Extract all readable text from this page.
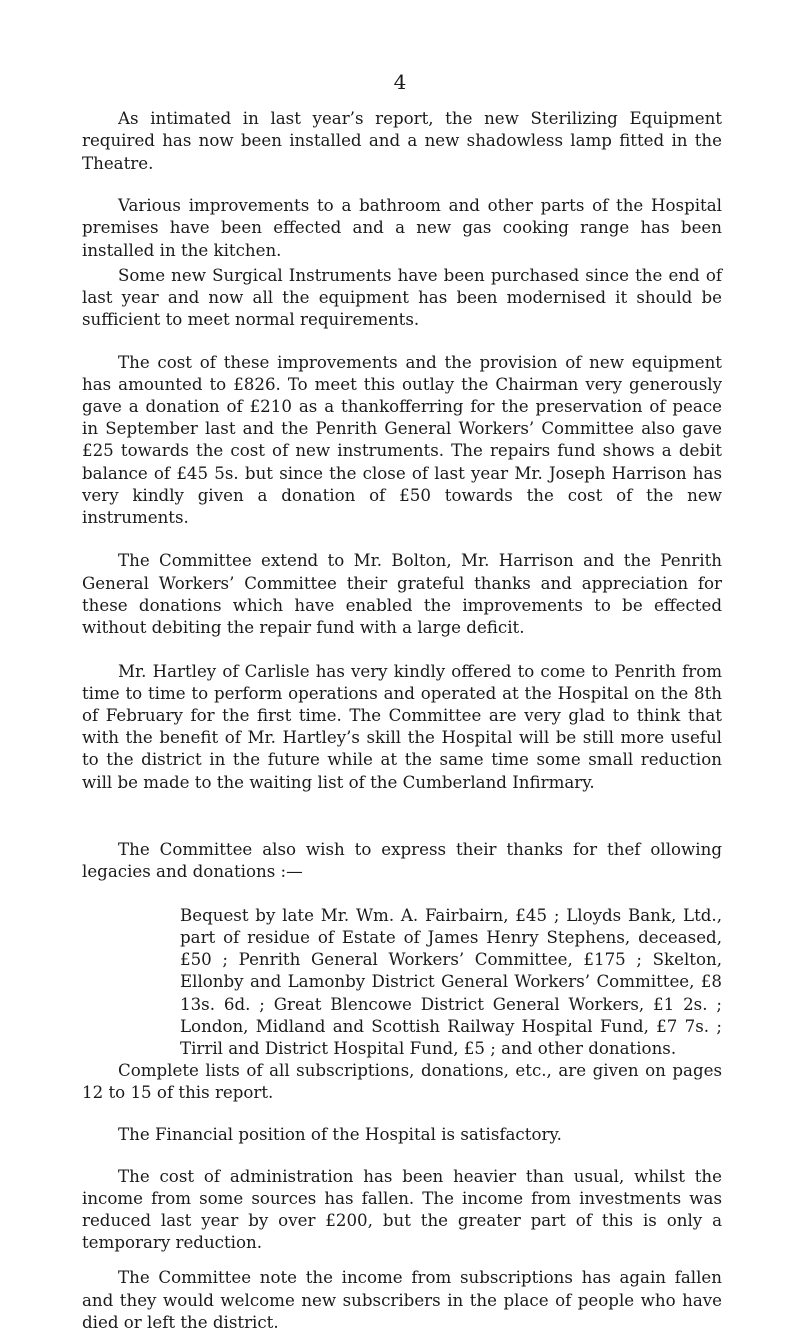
4

As intimated in last year’s report, the new Sterilizing Equipment required has now been installed and a new shadowless lamp fitted in the Theatre.

Various improvements to a bathroom and other parts of the Hospital premises have been effected and a new gas cooking range has been installed in the kitchen.

Some new Surgical Instruments have been purchased since the end of last year and now all the equipment has been modernised it should be sufficient to meet normal requirements.

The cost of these improvements and the provision of new equipment has amounted to £826. To meet this outlay the Chairman very generously gave a donation of £210 as a thankofferring for the preservation of peace in September last and the Penrith General Workers’ Committee also gave £25 towards the cost of new instruments. The repairs fund shows a debit balance of £45 5s. but since the close of last year Mr. Joseph Harrison has very kindly given a donation of £50 towards the cost of the new instruments.

The Committee extend to Mr. Bolton, Mr. Harrison and the Penrith General Workers’ Committee their grateful thanks and appreciation for these donations which have enabled the improvements to be effected without debiting the repair fund with a large deficit.

Mr. Hartley of Carlisle has very kindly offered to come to Penrith from time to time to perform operations and operated at the Hospital on the 8th of February for the first time. The Committee are very glad to think that with the benefit of Mr. Hartley’s skill the Hospital will be still more useful to the district in the future while at the same time some small reduction will be made to the waiting list of the Cumberland Infirmary.

The Committee also wish to express their thanks for thef ollowing legacies and donations :—

Bequest by late Mr. Wm. A. Fairbairn, £45 ; Lloyds Bank, Ltd., part of residue of Estate of James Henry Stephens, deceased, £50 ; Penrith General Workers’ Committee, £175 ; Skelton, Ellonby and Lamonby District General Workers’ Committee, £8 13s. 6d. ; Great Blencowe District General Workers, £1 2s. ; London, Midland and Scottish Railway Hospital Fund, £7 7s. ; Tirril and District Hospital Fund, £5 ; and other donations.

Complete lists of all subscriptions, donations, etc., are given on pages 12 to 15 of this report.

The Financial position of the Hospital is satisfactory.

The cost of administration has been heavier than usual, whilst the income from some sources has fallen. The income from investments was reduced last year by over £200, but the greater part of this is only a temporary reduction.

The Committee note the income from subscriptions has again fallen and they would welcome new subscribers in the place of people who have died or left the district.
